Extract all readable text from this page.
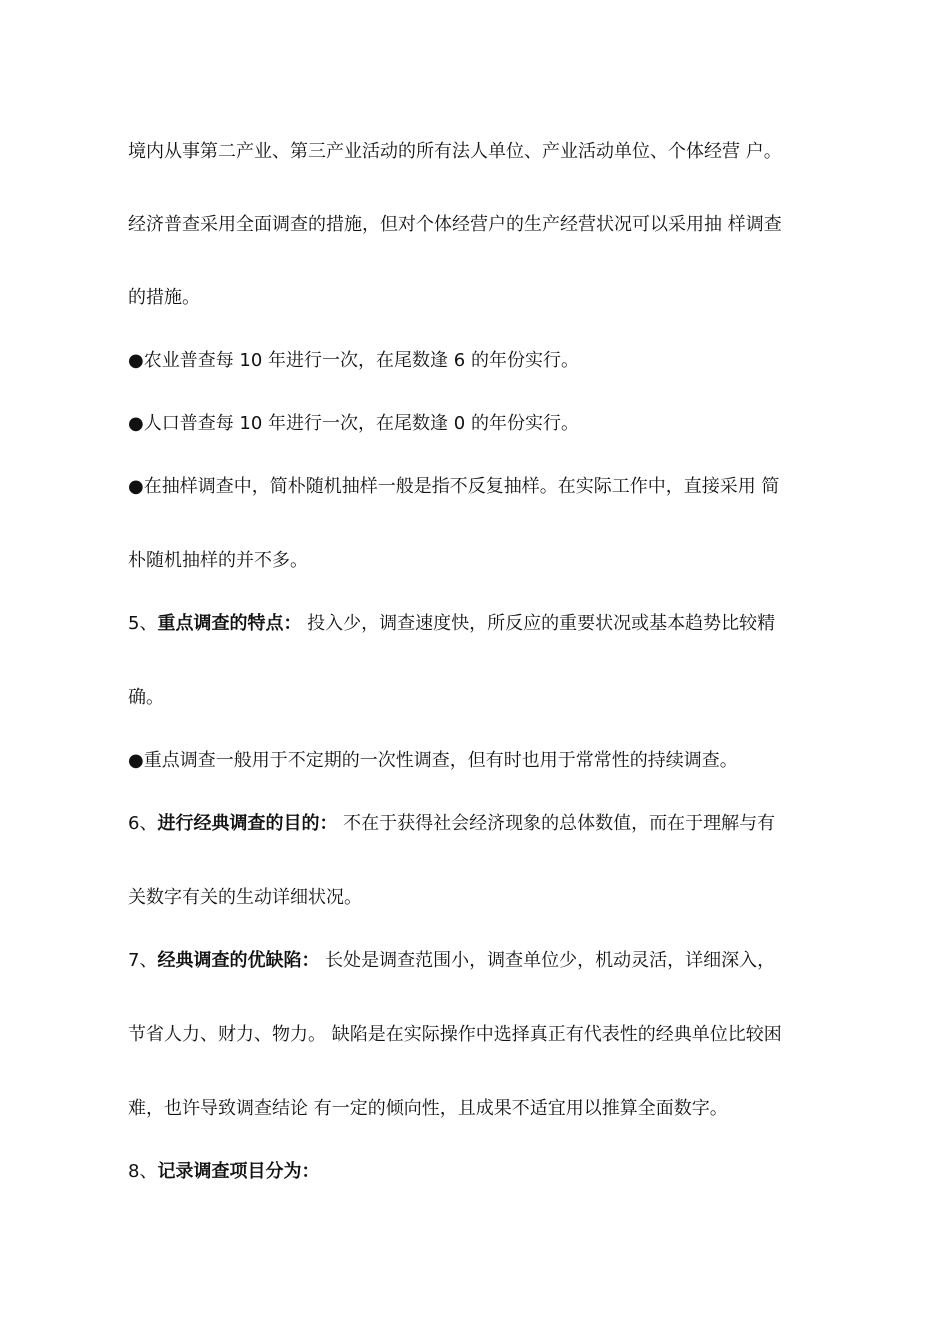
境内从事第二产业、第三产业活动的所有法人单位、产业活动单位、个体经营 户。
经济普查采用全面调查的措施，但对个体经营户的生产经营状况可以采用抽 样调查
的措施。
●农业普查每 10 年进行一次，在尾数逢 6 的年份实行。
●人口普查每 10 年进行一次，在尾数逢 0 的年份实行。
●在抽样调查中，简朴随机抽样一般是指不反复抽样。在实际工作中，直接采用 简
朴随机抽样的并不多。
5、重点调查的特点： 投入少，调查速度快，所反应的重要状况或基本趋势比较精
确。
●重点调查一般用于不定期的一次性调查，但有时也用于常常性的持续调查。
6、进行经典调查的目的： 不在于获得社会经济现象的总体数值，而在于理解与有
关数字有关的生动详细状况。
7、经典调查的优缺陷： 长处是调查范围小，调查单位少，机动灵活，详细深入，
节省人力、财力、物力。 缺陷是在实际操作中选择真正有代表性的经典单位比较困
难，也许导致调查结论 有一定的倾向性，且成果不适宜用以推算全面数字。
8、记录调查项目分为：
